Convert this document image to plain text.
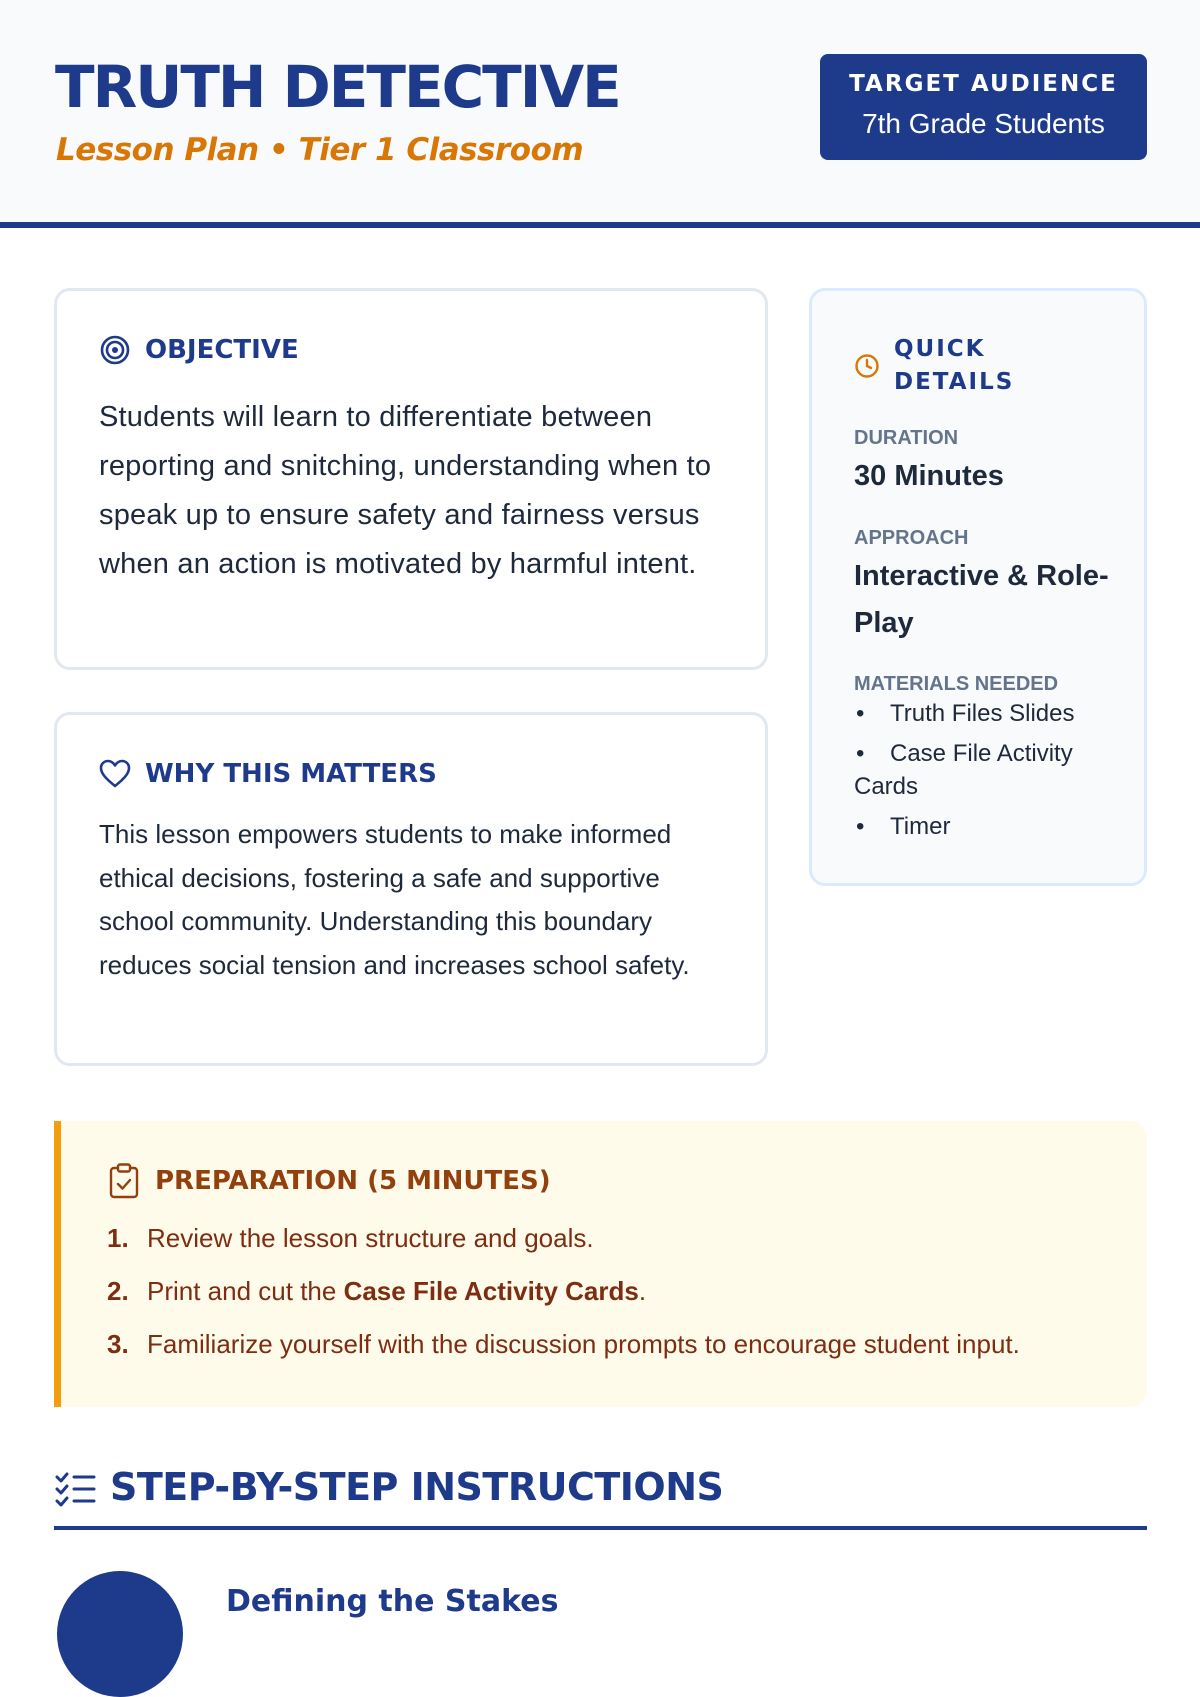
TRUTH DETECTIVE
Lesson Plan • Tier 1 Classroom
TARGET AUDIENCE
7th Grade Students
OBJECTIVE
Students will learn to differentiate between reporting and snitching, understanding when to speak up to ensure safety and fairness versus when an action is motivated by harmful intent.
WHY THIS MATTERS
This lesson empowers students to make informed ethical decisions, fostering a safe and supportive school community. Understanding this boundary reduces social tension and increases school safety.
QUICK DETAILS
DURATION
30 Minutes
APPROACH
Interactive & Role-Play
MATERIALS NEEDED
• Truth Files Slides
• Case File Activity Cards
• Timer
PREPARATION (5 MINUTES)
1. Review the lesson structure and goals.
2. Print and cut the Case File Activity Cards.
3. Familiarize yourself with the discussion prompts to encourage student input.
STEP-BY-STEP INSTRUCTIONS
Defining the Stakes
